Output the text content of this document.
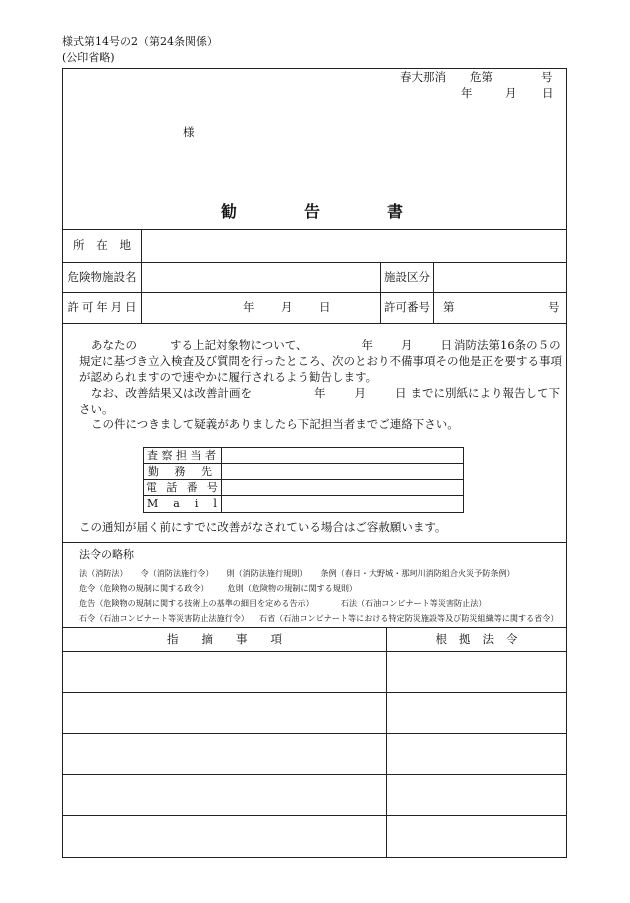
様式第14号の2（第24条関係）
(公印省略)
春大那消 危第	号
年	月 日
様
勧告書
所在地
危険物施設名	施設区分
許可年月日	年 月 日	許可番号	第	号
あなたの	する上記対象物について、	年 月 日 消防法第16条の５の
規定に基づき立入検査及び質問を行ったところ、次のとおり不備事項その他是正を要する事項
が認められますので速やかに履行されるよう勧告します。
なお、改善結果又は改善計画を	年	月	日 までに別紙により報告して下
さい。
この件につきまして疑義がありましたら下記担当者までご連絡下さい。
査察担当者
勤務先
電話番号
Mail
この通知が届く前にすでに改善がなされている場合はご容赦願います。
法令の略称
法（消防法） 令（消防法施行令） 則（消防法施行規則） 条例（春日・大野城・那珂川消防組合火災予防条例）
危令（危険物の規制に関する政令） 危則（危険物の規制に関する規則）
危告（危険物の規制に関する技術上の基準の細目を定める告示）	石法（石油コンビナート等災害防止法）
石令（石油コンビナート等災害防止法施行令） 石省（石油コンビナート等における特定防災施設等及び防災組織等に関する省令）
指摘事項	根拠法令
